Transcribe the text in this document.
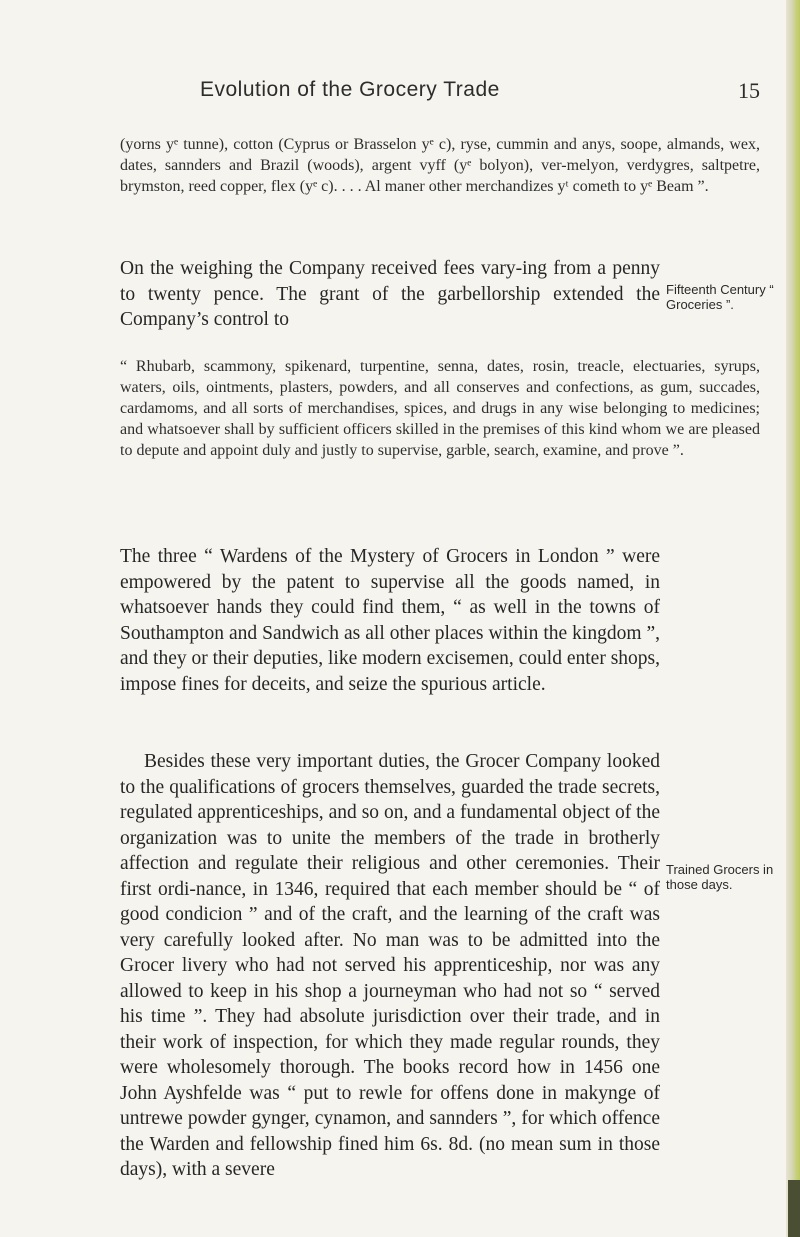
Evolution of the Grocery Trade	15

(yorns yᵉ tunne), cotton (Cyprus or Brasselon yᵉ c), ryse, cummin and anys, soope, almands, wex, dates, sannders and Brazil (woods), argent vyff (yᵉ bolyon), ver-melyon, verdygres, saltpetre, brymston, reed copper, flex (yᵉ c). . . . Al maner other merchandizes yᵗ cometh to yᵉ Beam ”.

On the weighing the Company received fees vary-ing from a penny to twenty pence. The grant of the garbellorship extended the Company’s control to

Fifteenth Century “ Groceries ”.

“ Rhubarb, scammony, spikenard, turpentine, senna, dates, rosin, treacle, electuaries, syrups, waters, oils, ointments, plasters, powders, and all conserves and confections, as gum, succades, cardamoms, and all sorts of merchandises, spices, and drugs in any wise belonging to medicines; and whatsoever shall by sufficient officers skilled in the premises of this kind whom we are pleased to depute and appoint duly and justly to supervise, garble, search, examine, and prove ”.

The three “ Wardens of the Mystery of Grocers in London ” were empowered by the patent to supervise all the goods named, in whatsoever hands they could find them, “ as well in the towns of Southampton and Sandwich as all other places within the kingdom ”, and they or their deputies, like modern excisemen, could enter shops, impose fines for deceits, and seize the spurious article.

Besides these very important duties, the Grocer Company looked to the qualifications of grocers themselves, guarded the trade secrets, regulated apprenticeships, and so on, and a fundamental object of the organization was to unite the members of the trade in brotherly affection and regulate their religious and other ceremonies. Their first ordi-nance, in 1346, required that each member should be “ of good condicion ” and of the craft, and the learning of the craft was very carefully looked after. No man was to be admitted into the Grocer livery who had not served his apprenticeship, nor was any allowed to keep in his shop a journeyman who had not so “ served his time ”. They had absolute jurisdiction over their trade, and in their work of inspection, for which they made regular rounds, they were wholesomely thorough. The books record how in 1456 one John Ayshfelde was “ put to rewle for offens done in makynge of untrewe powder gynger, cynamon, and sannders ”, for which offence the Warden and fellowship fined him 6s. 8d. (no mean sum in those days), with a severe

Trained Grocers in those days.
